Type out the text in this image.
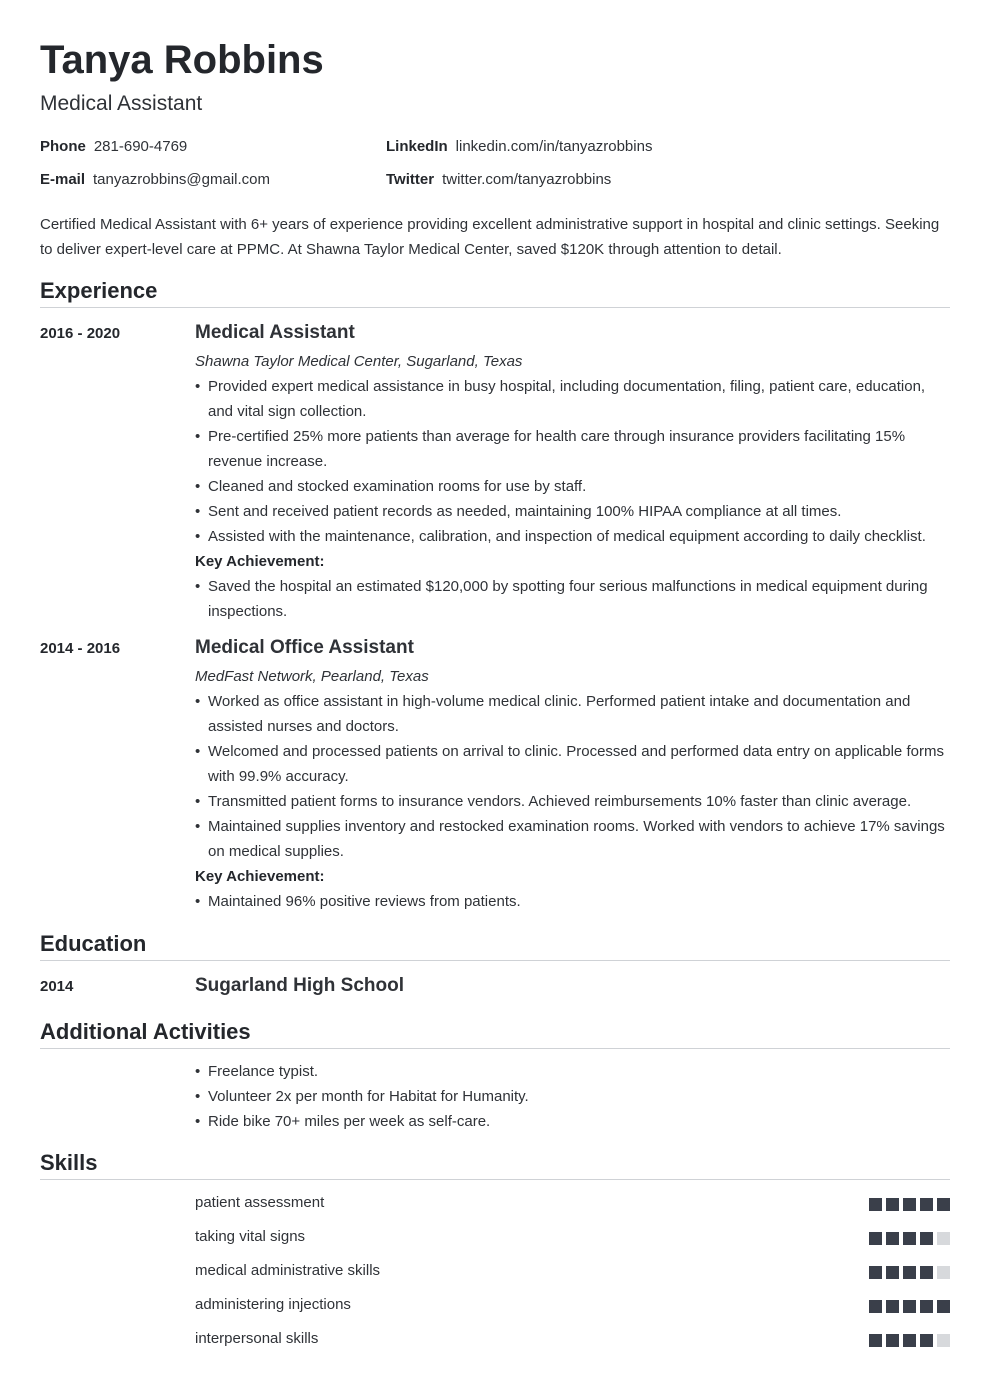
Tanya Robbins
Medical Assistant
Phone 281-690-4769	LinkedIn linkedin.com/in/tanyazrobbins
E-mail tanyazrobbins@gmail.com	Twitter twitter.com/tanyazrobbins
Certified Medical Assistant with 6+ years of experience providing excellent administrative support in hospital and clinic settings. Seeking to deliver expert-level care at PPMC. At Shawna Taylor Medical Center, saved $120K through attention to detail.
Experience
2016 - 2020	Medical Assistant
Shawna Taylor Medical Center, Sugarland, Texas
• Provided expert medical assistance in busy hospital, including documentation, filing, patient care, education, and vital sign collection.
• Pre-certified 25% more patients than average for health care through insurance providers facilitating 15% revenue increase.
• Cleaned and stocked examination rooms for use by staff.
• Sent and received patient records as needed, maintaining 100% HIPAA compliance at all times.
• Assisted with the maintenance, calibration, and inspection of medical equipment according to daily checklist.
Key Achievement:
• Saved the hospital an estimated $120,000 by spotting four serious malfunctions in medical equipment during inspections.
2014 - 2016	Medical Office Assistant
MedFast Network, Pearland, Texas
• Worked as office assistant in high-volume medical clinic. Performed patient intake and documentation and assisted nurses and doctors.
• Welcomed and processed patients on arrival to clinic. Processed and performed data entry on applicable forms with 99.9% accuracy.
• Transmitted patient forms to insurance vendors. Achieved reimbursements 10% faster than clinic average.
• Maintained supplies inventory and restocked examination rooms. Worked with vendors to achieve 17% savings on medical supplies.
Key Achievement:
• Maintained 96% positive reviews from patients.
Education
2014	Sugarland High School
Additional Activities
• Freelance typist.
• Volunteer 2x per month for Habitat for Humanity.
• Ride bike 70+ miles per week as self-care.
Skills
patient assessment
taking vital signs
medical administrative skills
administering injections
interpersonal skills
